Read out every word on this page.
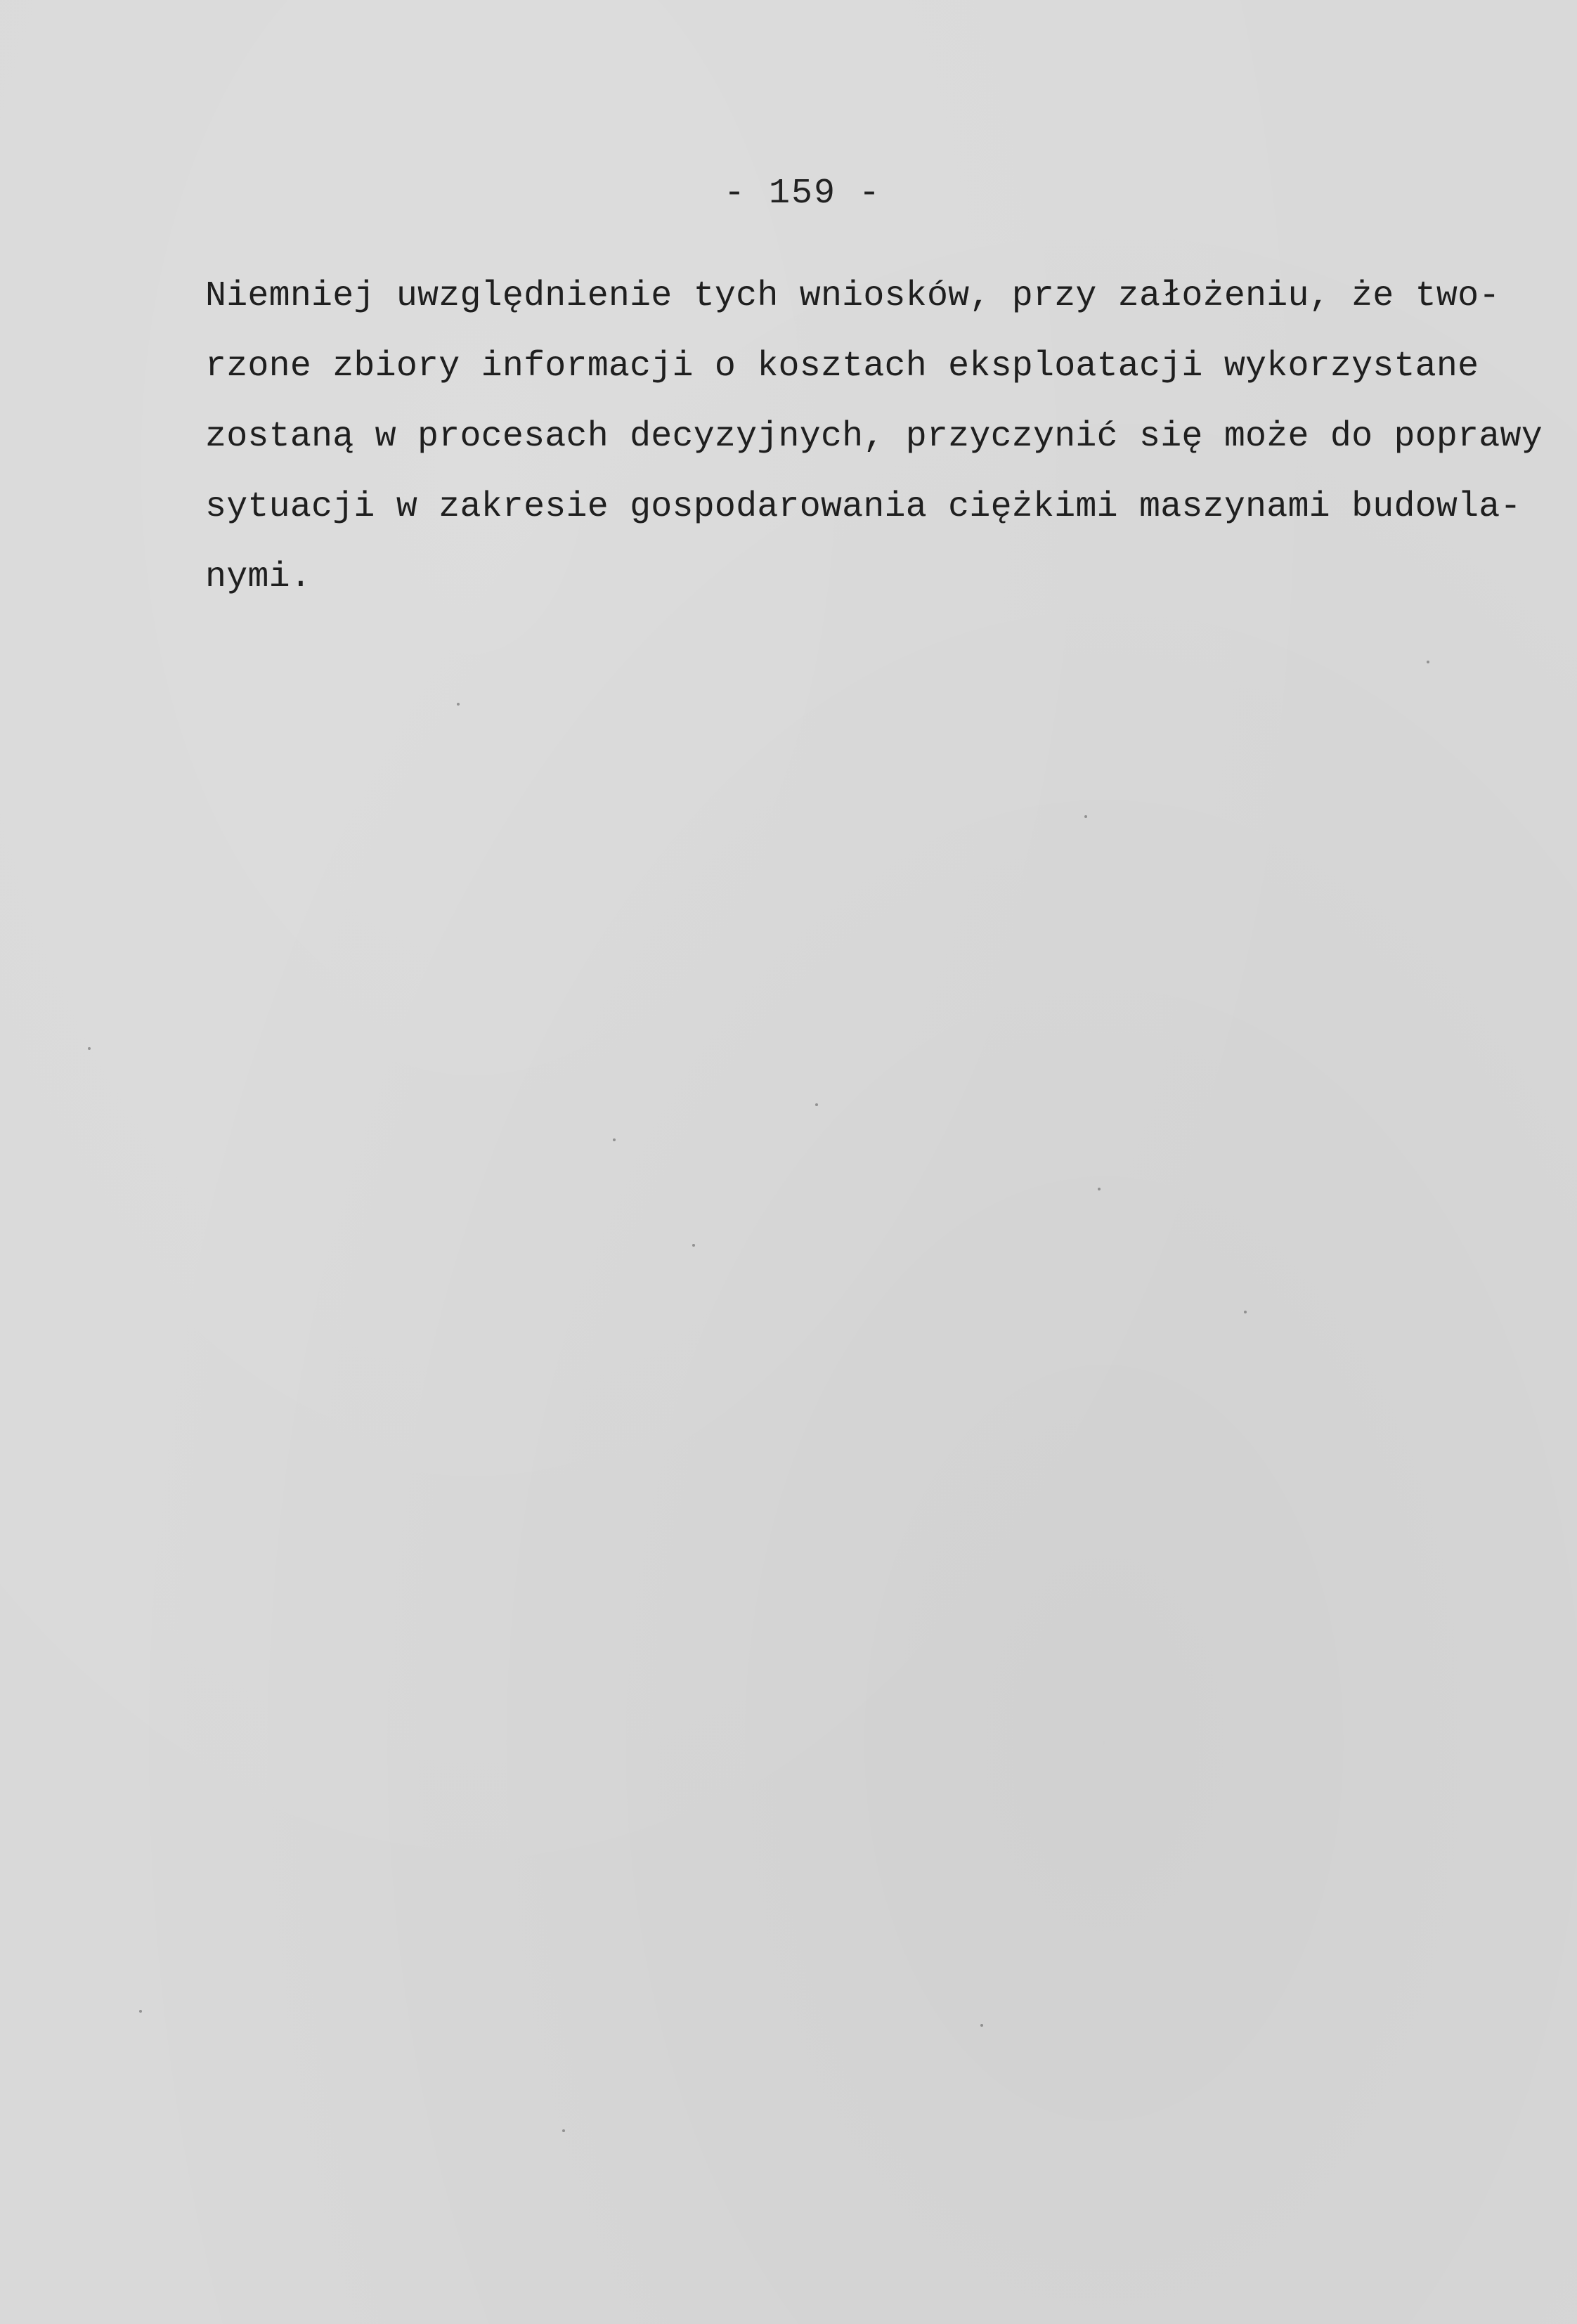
- 159 -
Niemniej uwzględnienie tych wniosków, przy założeniu, że two-
rzone zbiory informacji o kosztach eksploatacji wykorzystane
zostaną w procesach decyzyjnych, przyczynić się może do poprawy
sytuacji w zakresie gospodarowania ciężkimi maszynami budowla-
nymi.
